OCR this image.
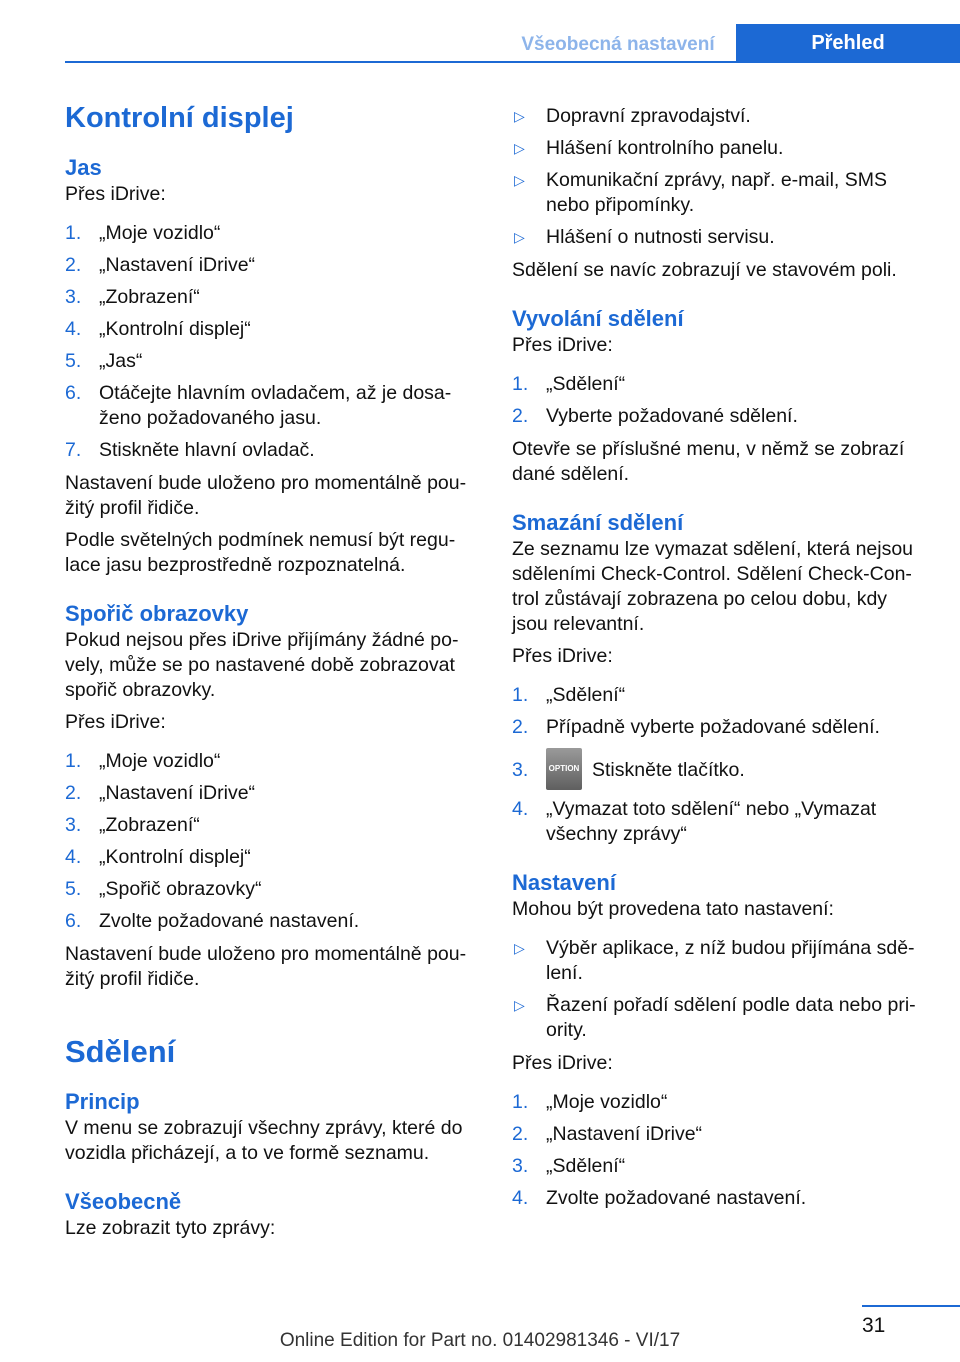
Všeobecná nastavení	Přehled
Kontrolní displej
Jas

Přes iDrive:

1. „Moje vozidlo“
2. „Nastavení iDrive“
3. „Zobrazení“
4. „Kontrolní displej“
5. „Jas“
6. Otáčejte hlavním ovladačem, až je dosa‐ženo požadovaného jasu.
7. Stiskněte hlavní ovladač.

Nastavení bude uloženo pro momentálně pou‐žitý profil řidiče.

Podle světelných podmínek nemusí být regu‐lace jasu bezprostředně rozpoznatelná.

Spořič obrazovky

Pokud nejsou přes iDrive přijímány žádné po‐vely, může se po nastavené době zobrazovat spořič obrazovky.

Přes iDrive:

1. „Moje vozidlo“
2. „Nastavení iDrive“
3. „Zobrazení“
4. „Kontrolní displej“
5. „Spořič obrazovky“
6. Zvolte požadované nastavení.

Nastavení bude uloženo pro momentálně pou‐žitý profil řidiče.

Sdělení
Princip

V menu se zobrazují všechny zprávy, které do vozidla přicházejí, a to ve formě seznamu.

Všeobecně

Lze zobrazit tyto zprávy:

▷ Dopravní zpravodajství.
▷ Hlášení kontrolního panelu.
▷ Komunikační zprávy, např. e-mail, SMS nebo připomínky.
▷ Hlášení o nutnosti servisu.

Sdělení se navíc zobrazují ve stavovém poli.

Vyvolání sdělení

Přes iDrive:

1. „Sdělení“
2. Vyberte požadované sdělení.

Otevře se příslušné menu, v němž se zobrazí dané sdělení.

Smazání sdělení

Ze seznamu lze vymazat sdělení, která nejsou sděleními Check-Control. Sdělení Check-Con‐trol zůstávají zobrazena po celou dobu, kdy jsou relevantní.

Přes iDrive:

1. „Sdělení“
2. Případně vyberte požadované sdělení.
3.	OPTION Stiskněte tlačítko.
4. „Vymazat toto sdělení“ nebo „Vymazat všechny zprávy“
Nastavení

Mohou být provedena tato nastavení:

▷ Výběr aplikace, z níž budou přijímána sdě‐lení.
▷ Řazení pořadí sdělení podle data nebo pri‐ority.

Přes iDrive:

1. „Moje vozidlo“
2. „Nastavení iDrive“
3. „Sdělení“
4. Zvolte požadované nastavení.
31
Online Edition for Part no. 01402981346 - VI/17
